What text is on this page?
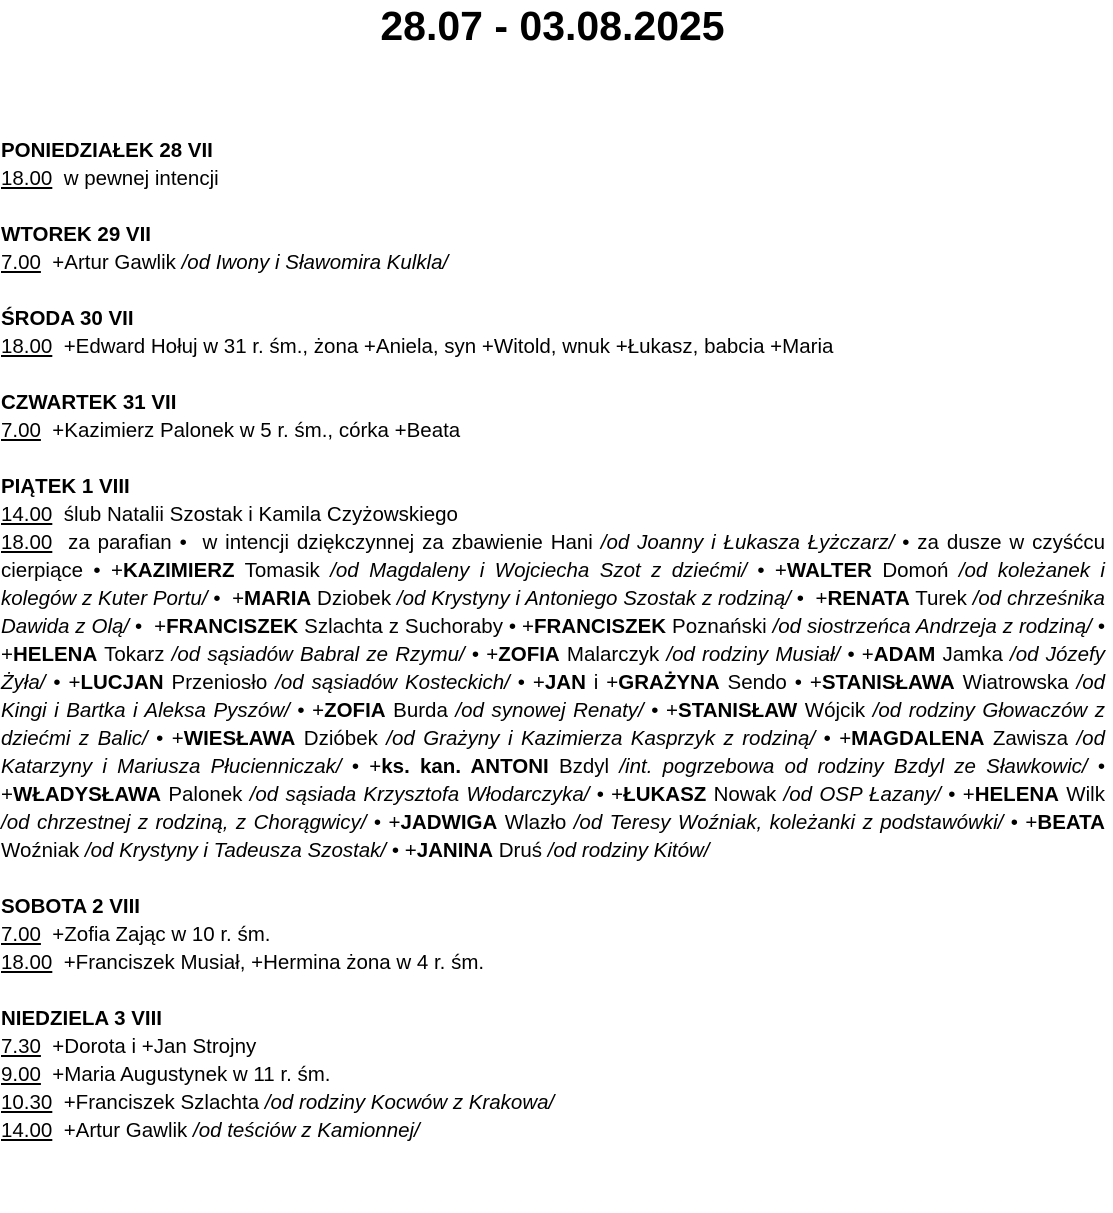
28.07 - 03.08.2025
PONIEDZIAŁEK 28 VII
18.00  w pewnej intencji
WTOREK 29 VII
7.00  +Artur Gawlik /od Iwony i Sławomira Kulkla/
ŚRODA 30 VII
18.00  +Edward Hołuj w 31 r. śm., żona +Aniela, syn +Witold, wnuk +Łukasz, babcia +Maria
CZWARTEK 31 VII
7.00  +Kazimierz Palonek w 5 r. śm., córka +Beata
PIĄTEK 1 VIII
14.00  ślub Natalii Szostak i Kamila Czyżowskiego
18.00  za parafian •  w intencji dziękczynnej za zbawienie Hani /od Joanny i Łukasza Łyżczarz/ • za dusze w czyśćcu cierpiące • +KAZIMIERZ Tomasik /od Magdaleny i Wojciecha Szot z dziećmi/ • +WALTER Domoń /od koleżanek i kolegów z Kuter Portu/ •  +MARIA Dziobek /od Krystyny i Antoniego Szostak z rodziną/ •  +RENATA Turek /od chrześnika Dawida z Olą/ •  +FRANCISZEK Szlachta z Suchoraby • +FRANCISZEK Poznański /od siostrzeńca Andrzeja z rodziną/ • +HELENA Tokarz /od sąsiadów Babral ze Rzymu/ • +ZOFIA Malarczyk /od rodziny Musiał/ • +ADAM Jamka /od Józefy Żyła/ • +LUCJAN Przeniosło /od sąsiadów Kosteckich/ • +JAN i +GRAŻYNA Sendo • +STANISŁAWA Wiatrowska /od Kingi i Bartka i Aleksa Pyszów/ • +ZOFIA Burda /od synowej Renaty/ • +STANISŁAW Wójcik /od rodziny Głowaczów z dziećmi z Balic/ • +WIESŁAWA Dzióbek /od Grażyny i Kazimierza Kasprzyk z rodziną/ • +MAGDALENA Zawisza /od Katarzyny i Mariusza Płucienniczak/ • +ks. kan. ANTONI Bzdyl /int. pogrzebowa od rodziny Bzdyl ze Sławkowic/ • +WŁADYSŁAWA Palonek /od sąsiada Krzysztofa Włodarczyka/ • +ŁUKASZ Nowak /od OSP Łazany/ • +HELENA Wilk /od chrzestnej z rodziną, z Chorągwicy/ • +JADWIGA Wlazło /od Teresy Woźniak, koleżanki z podstawówki/ • +BEATA Woźniak /od Krystyny i Tadeusza Szostak/ • +JANINA Druś /od rodziny Kitów/
SOBOTA 2 VIII
7.00  +Zofia Zając w 10 r. śm.
18.00  +Franciszek Musiał, +Hermina żona w 4 r. śm.
NIEDZIELA 3 VIII
7.30  +Dorota i +Jan Strojny
9.00  +Maria Augustynek w 11 r. śm.
10.30  +Franciszek Szlachta /od rodziny Kocwów z Krakowa/
14.00  +Artur Gawlik /od teściów z Kamionnej/
